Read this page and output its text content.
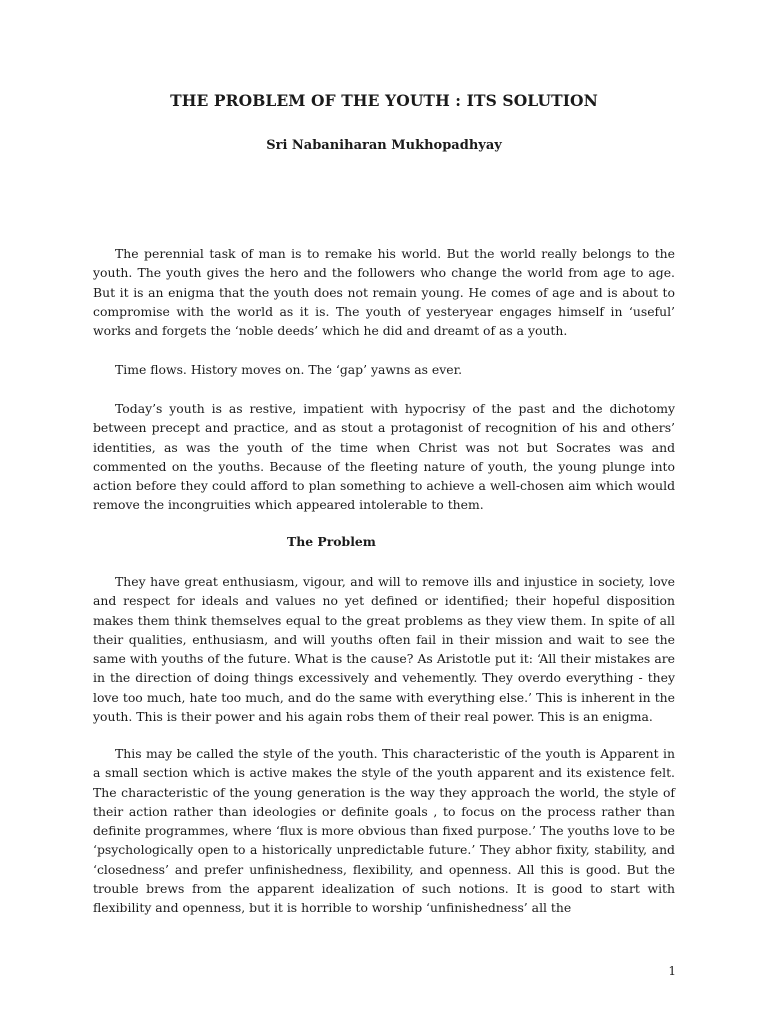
THE PROBLEM OF THE YOUTH : ITS SOLUTION
Sri Nabaniharan Mukhopadhyay

The perennial task of man is to remake his world. But the world really belongs to the youth. The youth gives the hero and the followers who change the world from age to age. But it is an enigma that the youth does not remain young. He comes of age and is about to compromise with the world as it is. The youth of yesteryear engages himself in ‘useful’ works and forgets the ‘noble deeds’ which he did and dreamt of as a youth.

Time flows. History moves on. The ‘gap’ yawns as ever.

Today’s youth is as restive, impatient with hypocrisy of the past and the dichotomy between precept and practice, and as stout a protagonist of recognition of his and others’ identities, as was the youth of the time when Christ was not but Socrates was and commented on the youths. Because of the fleeting nature of youth, the young plunge into action before they could afford to plan something to achieve a well-chosen aim which would remove the incongruities which appeared intolerable to them.

The Problem

They have great enthusiasm, vigour, and will to remove ills and injustice in society, love and respect for ideals and values no yet defined or identified; their hopeful disposition makes them think themselves equal to the great problems as they view them. In spite of all their qualities, enthusiasm, and will youths often fail in their mission and wait to see the same with youths of the future. What is the cause? As Aristotle put it: ‘All their mistakes are in the direction of doing things excessively and vehemently. They overdo everything - they love too much, hate too much, and do the same with everything else.’ This is inherent in the youth. This is their power and his again robs them of their real power. This is an enigma.

This may be called the style of the youth. This characteristic of the youth is Apparent in a small section which is active makes the style of the youth apparent and its existence felt. The characteristic of the young generation is the way they approach the world, the style of their action rather than ideologies or definite goals , to focus on the process rather than definite programmes, where ‘flux is more obvious than fixed purpose.’ The youths love to be ‘psychologically open to a historically unpredictable future.’ They abhor fixity, stability, and ‘closedness’ and prefer unfinishedness, flexibility, and openness. All this is good. But the trouble brews from the apparent idealization of such notions. It is good to start with flexibility and openness, but it is horrible to worship ‘unfinishedness’ all the

1
